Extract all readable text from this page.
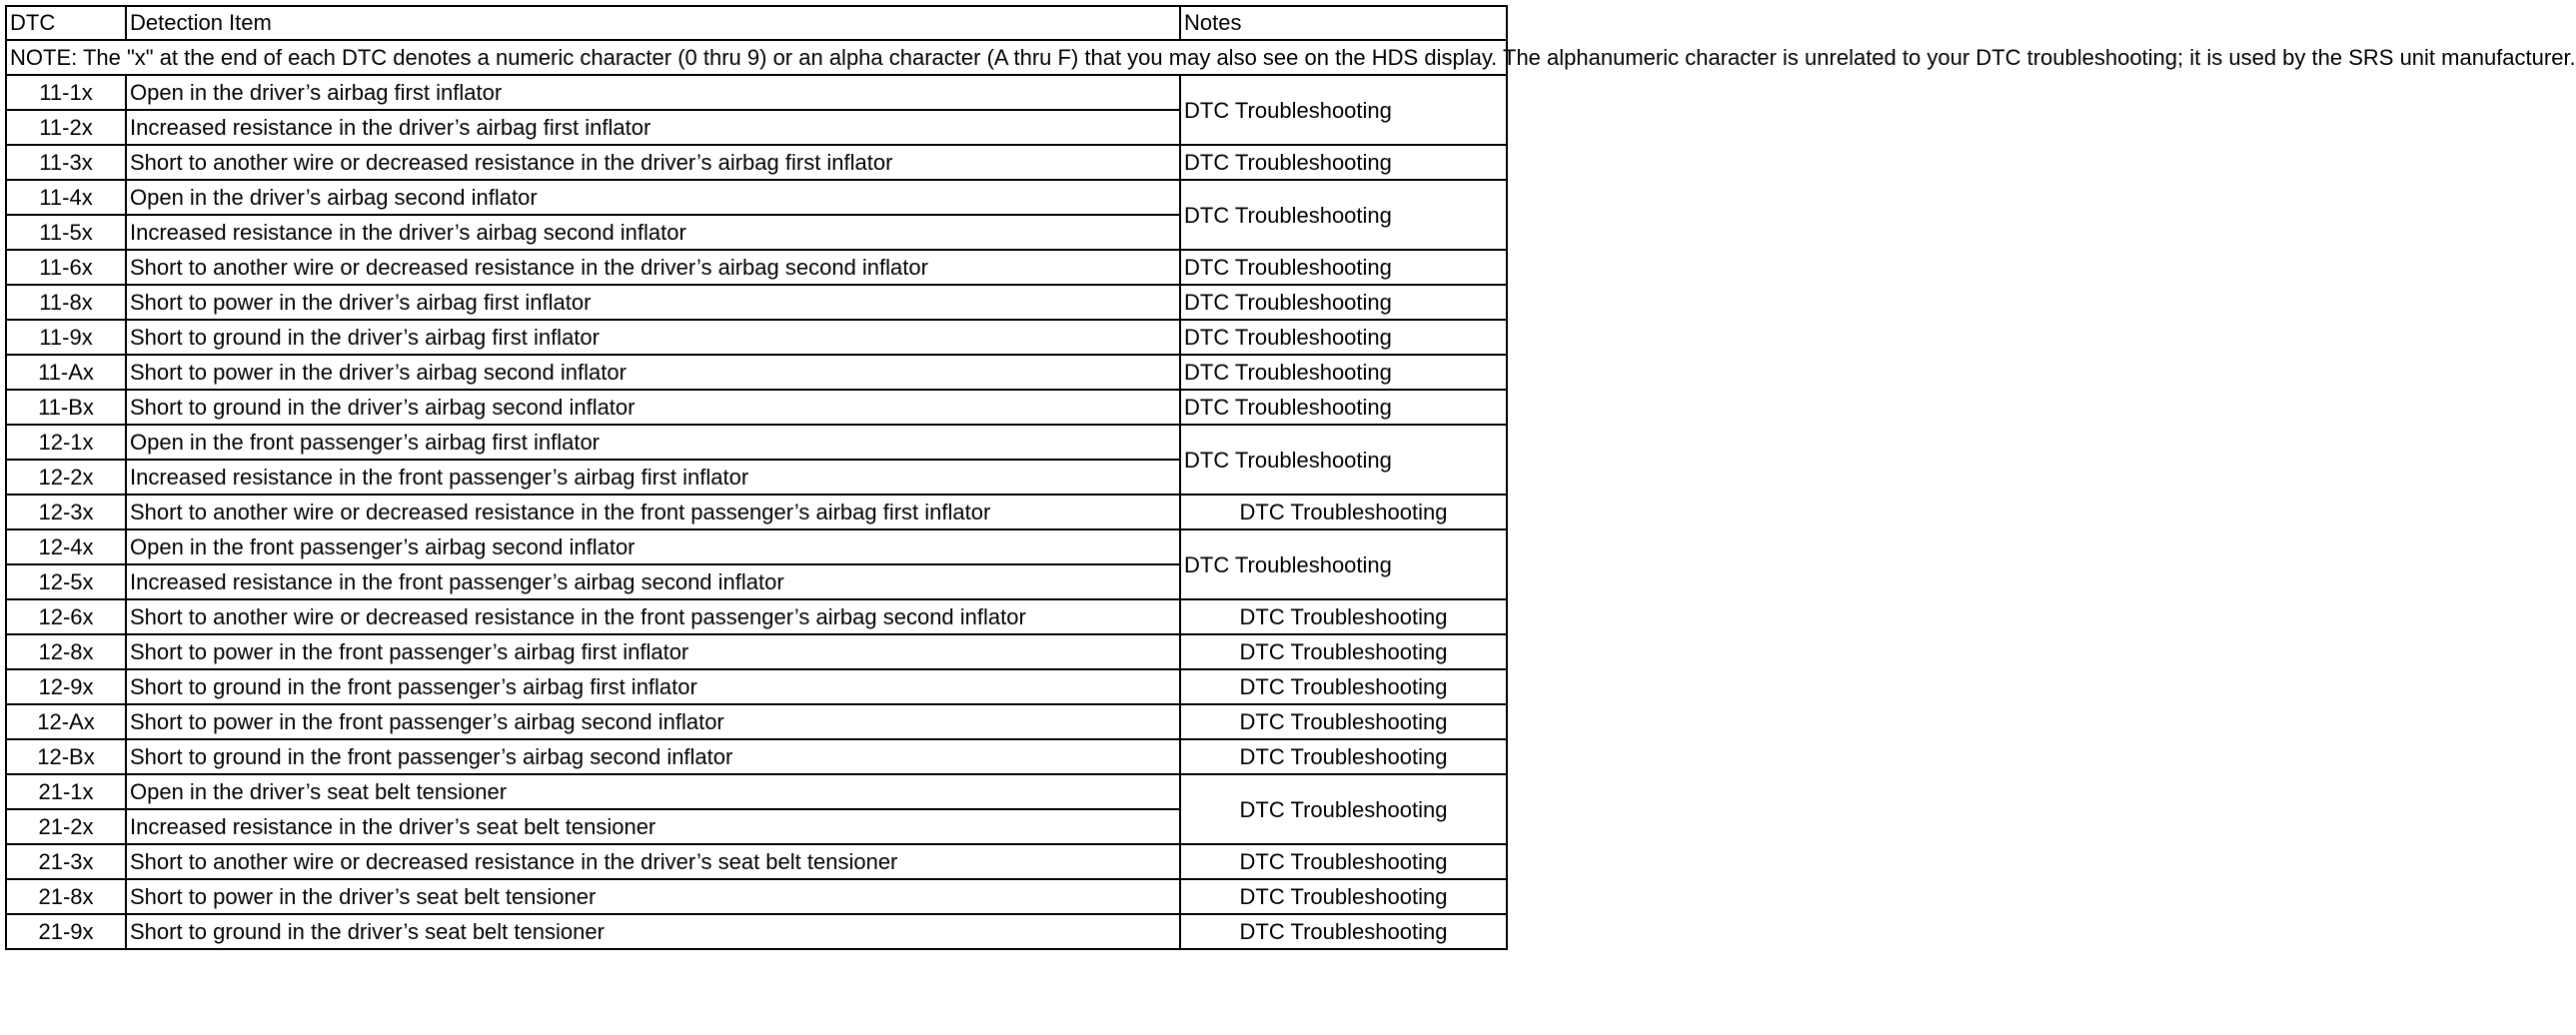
DTC	Detection Item	Notes
NOTE: The "x" at the end of each DTC denotes a numeric character (0 thru 9) or an alpha character (A thru F) that you may also see on the HDS display. The alphanumeric character is unrelated to your DTC troubleshooting; it is used by the SRS unit manufacturer.		
11-1x	Open in the driver’s airbag first inflator	DTC Troubleshooting
11-2x	Increased resistance in the driver’s airbag first inflator	
11-3x	Short to another wire or decreased resistance in the driver’s airbag first inflator	DTC Troubleshooting
11-4x	Open in the driver’s airbag second inflator	DTC Troubleshooting
11-5x	Increased resistance in the driver’s airbag second inflator	
11-6x	Short to another wire or decreased resistance in the driver’s airbag second inflator	DTC Troubleshooting
11-8x	Short to power in the driver’s airbag first inflator	DTC Troubleshooting
11-9x	Short to ground in the driver’s airbag first inflator	DTC Troubleshooting
11-Ax	Short to power in the driver’s airbag second inflator	DTC Troubleshooting
11-Bx	Short to ground in the driver’s airbag second inflator	DTC Troubleshooting
12-1x	Open in the front passenger’s airbag first inflator	DTC Troubleshooting
12-2x	Increased resistance in the front passenger’s airbag first inflator	
12-3x	Short to another wire or decreased resistance in the front passenger’s airbag first inflator	DTC Troubleshooting
12-4x	Open in the front passenger’s airbag second inflator	DTC Troubleshooting
12-5x	Increased resistance in the front passenger’s airbag second inflator	
12-6x	Short to another wire or decreased resistance in the front passenger’s airbag second inflator	DTC Troubleshooting
12-8x	Short to power in the front passenger’s airbag first inflator	DTC Troubleshooting
12-9x	Short to ground in the front passenger’s airbag first inflator	DTC Troubleshooting
12-Ax	Short to power in the front passenger’s airbag second inflator	DTC Troubleshooting
12-Bx	Short to ground in the front passenger’s airbag second inflator	DTC Troubleshooting
21-1x	Open in the driver’s seat belt tensioner	DTC Troubleshooting
21-2x	Increased resistance in the driver’s seat belt tensioner	
21-3x	Short to another wire or decreased resistance in the driver’s seat belt tensioner	DTC Troubleshooting
21-8x	Short to power in the driver’s seat belt tensioner	DTC Troubleshooting
21-9x	Short to ground in the driver’s seat belt tensioner	DTC Troubleshooting
